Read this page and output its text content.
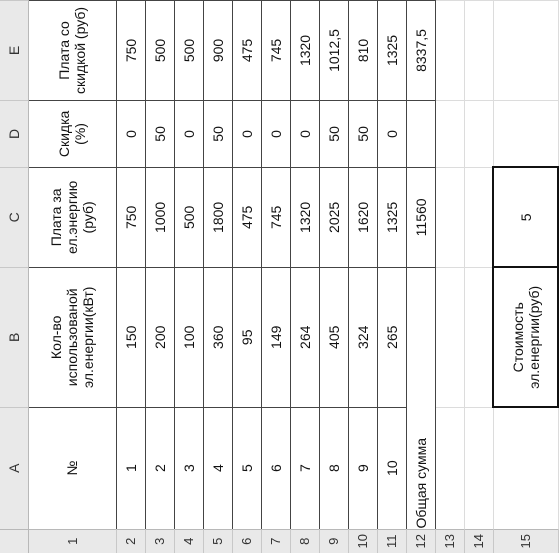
	A	B	C	D	E
1	№	Кол-во использованой эл.енергии(кВт)	Плата за ел.энергию (руб)	Скидка (%)	Плата со скидкой (руб)
2	1	150	750	0	750
3	2	200	1000	50	500
4	3	100	500	0	500
5	4	360	1800	50	900
6	5	95	475	0	475
7	6	149	745	0	745
8	7	264	1320	0	1320
9	8	405	2025	50	1012,5
10	9	324	1620	50	810
11	10	265	1325	0	1325
12	Общая сумма		11560		8337,5
13					
14					
15		Стоимость эл.енергии(руб)	5		
